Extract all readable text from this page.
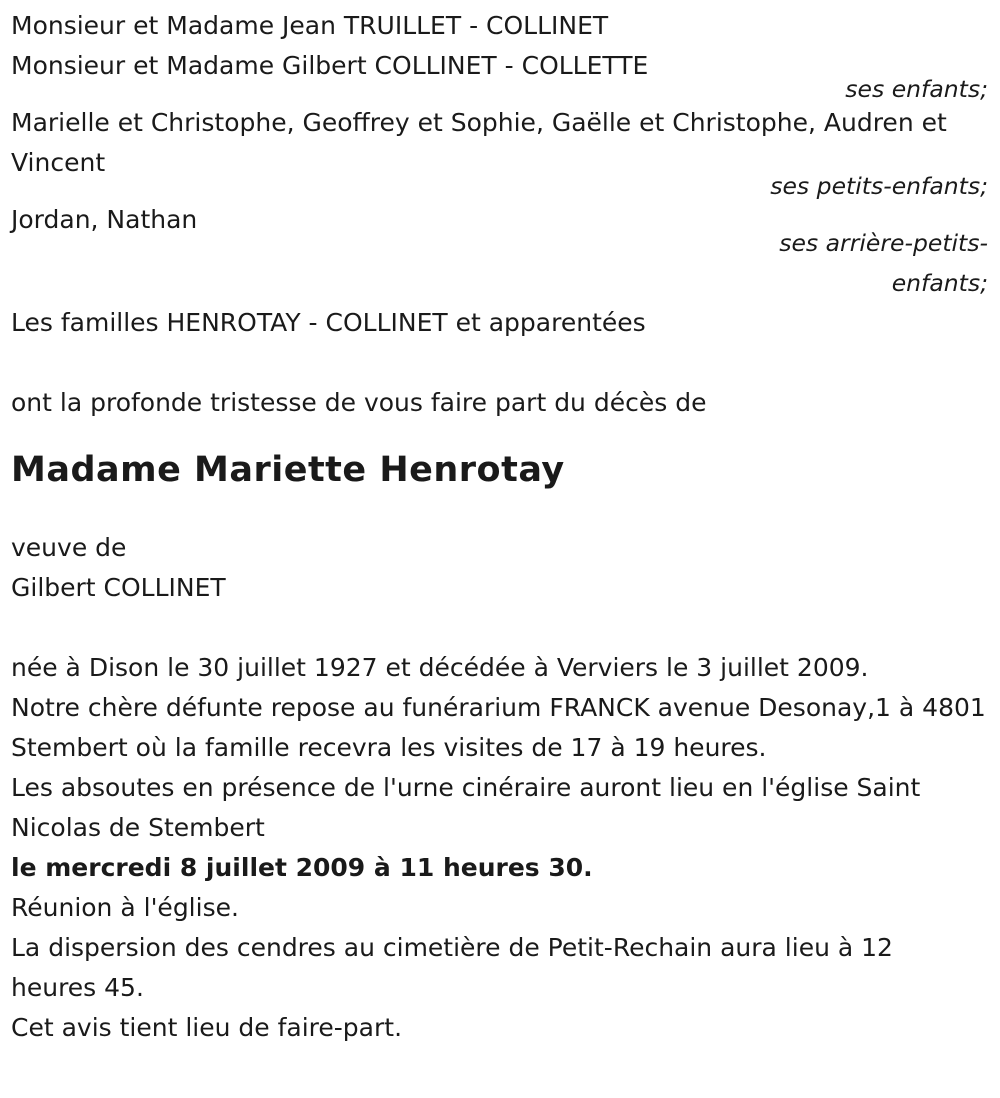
Monsieur et Madame Jean TRUILLET - COLLINET

Monsieur et Madame Gilbert COLLINET - COLLETTE

ses enfants;

Marielle et Christophe, Geoffrey et Sophie, Gaëlle et Christophe, Audren et Vincent

ses petits-enfants;

Jordan, Nathan

ses arrière-petits-
enfants;

Les familles HENROTAY - COLLINET et apparentées

ont la profonde tristesse de vous faire part du décès de

Madame Mariette Henrotay

veuve de

Gilbert COLLINET

née à Dison le 30 juillet 1927 et décédée à Verviers le 3 juillet 2009.

Notre chère défunte repose au funérarium FRANCK avenue Desonay,1 à 4801 Stembert où la famille recevra les visites de 17 à 19 heures.

Les absoutes en présence de l'urne cinéraire auront lieu en l'église Saint Nicolas de Stembert

le mercredi 8 juillet 2009 à 11 heures 30.

Réunion à l'église.

La dispersion des cendres au cimetière de Petit-Rechain aura lieu à 12 heures 45.

Cet avis tient lieu de faire-part.
